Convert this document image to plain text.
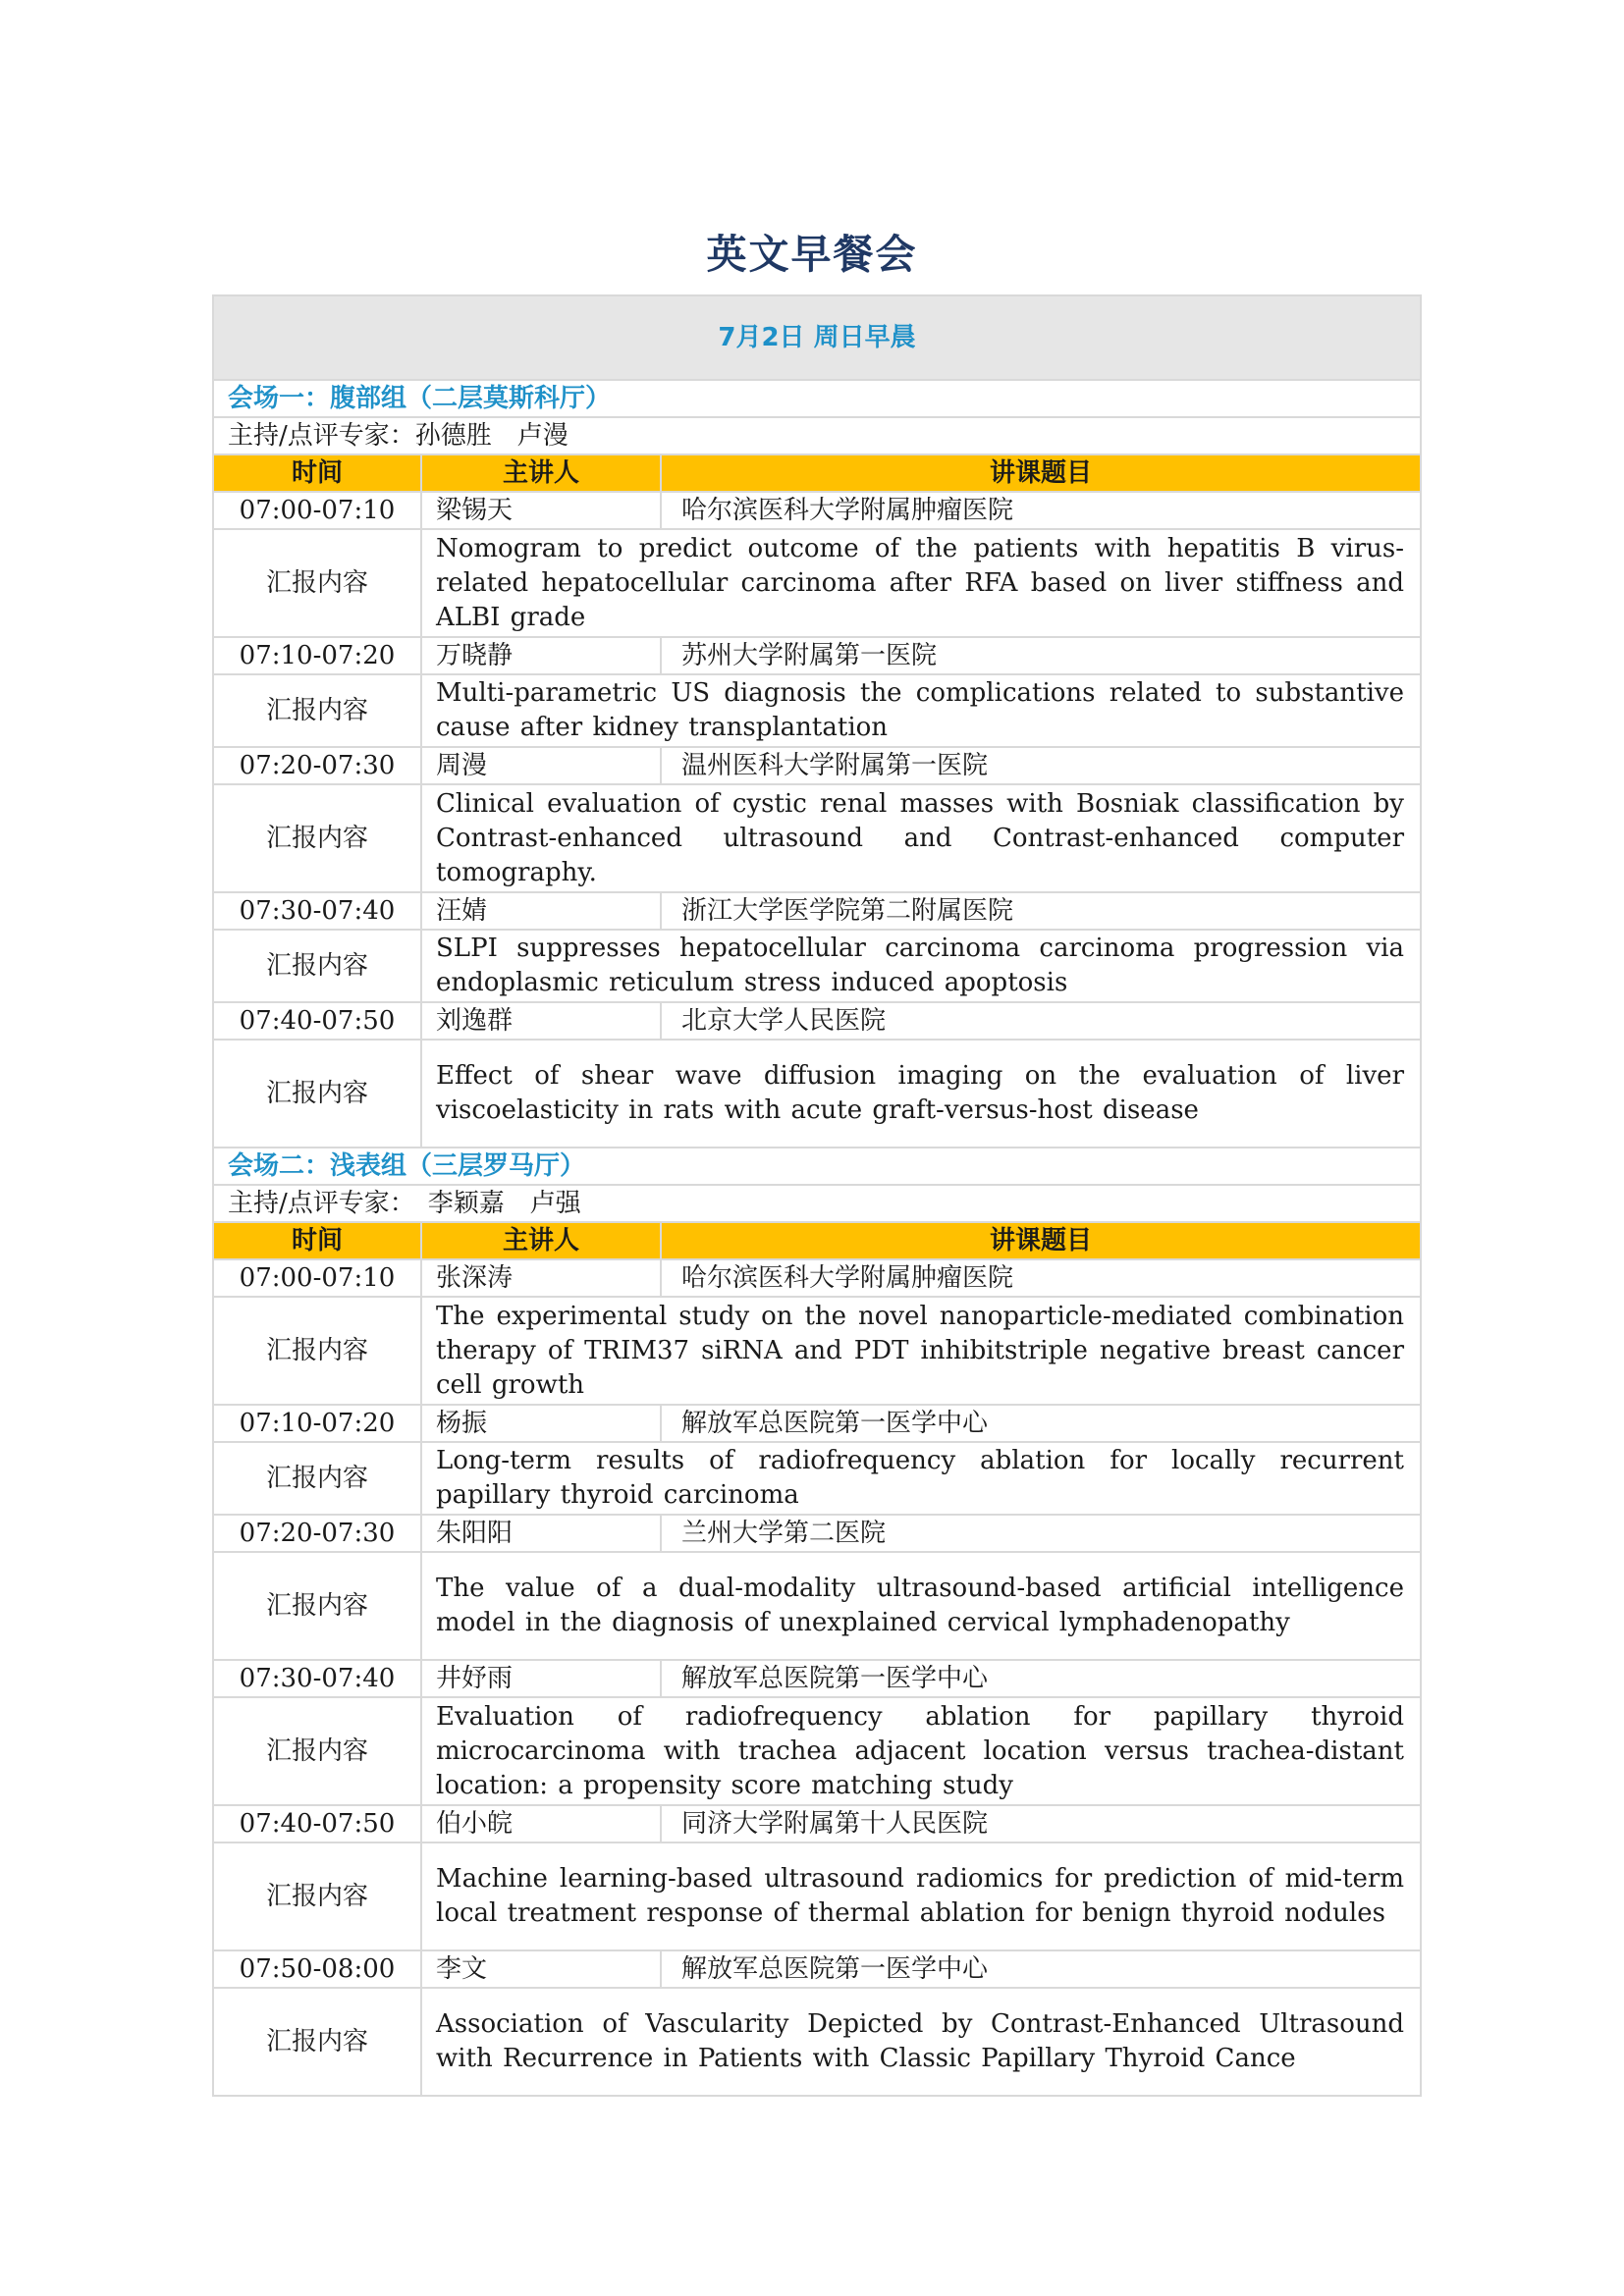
英文早餐会
7月2日 周日早晨		
会场一：腹部组（二层莫斯科厅）		
主持/点评专家：孙德胜　卢漫		
时间	主讲人	讲课题目
07:00-07:10	梁锡天	哈尔滨医科大学附属肿瘤医院
汇报内容	Nomogram to predict outcome of the patients with hepatitis B virus-related hepatocellular carcinoma after RFA based on liver stiffness and ALBI grade	
07:10-07:20	万晓静	苏州大学附属第一医院
汇报内容	Multi-parametric US diagnosis the complications related to substantive cause after kidney transplantation	
07:20-07:30	周漫	温州医科大学附属第一医院
汇报内容	Clinical evaluation of cystic renal masses with Bosniak classification by Contrast-enhanced ultrasound and Contrast-enhanced computer tomography.	
07:30-07:40	汪婧	浙江大学医学院第二附属医院
汇报内容	SLPI suppresses hepatocellular carcinoma carcinoma progression via endoplasmic reticulum stress induced apoptosis	
07:40-07:50	刘逸群	北京大学人民医院
汇报内容	Effect of shear wave diffusion imaging on the evaluation of liver viscoelasticity in rats with acute graft-versus-host disease	
会场二：浅表组（三层罗马厅）		
主持/点评专家：　李颖嘉　卢强		
时间	主讲人	讲课题目
07:00-07:10	张深涛	哈尔滨医科大学附属肿瘤医院
汇报内容	The experimental study on the novel nanoparticle-mediated combination therapy of TRIM37 siRNA and PDT inhibitstriple negative breast cancer cell growth	
07:10-07:20	杨振	解放军总医院第一医学中心
汇报内容	Long-term results of radiofrequency ablation for locally recurrent papillary thyroid carcinoma	
07:20-07:30	朱阳阳	兰州大学第二医院
汇报内容	The value of a dual-modality ultrasound-based artificial intelligence model in the diagnosis of unexplained cervical lymphadenopathy	
07:30-07:40	井妤雨	解放军总医院第一医学中心
汇报内容	Evaluation of radiofrequency ablation for papillary thyroid microcarcinoma with trachea adjacent location versus trachea-distant location: a propensity score matching study	
07:40-07:50	伯小皖	同济大学附属第十人民医院
汇报内容	Machine learning-based ultrasound radiomics for prediction of mid-term local treatment response of thermal ablation for benign thyroid nodules	
07:50-08:00	李文	解放军总医院第一医学中心
汇报内容	Association of Vascularity Depicted by Contrast-Enhanced Ultrasound with Recurrence in Patients with Classic Papillary Thyroid Cance	
